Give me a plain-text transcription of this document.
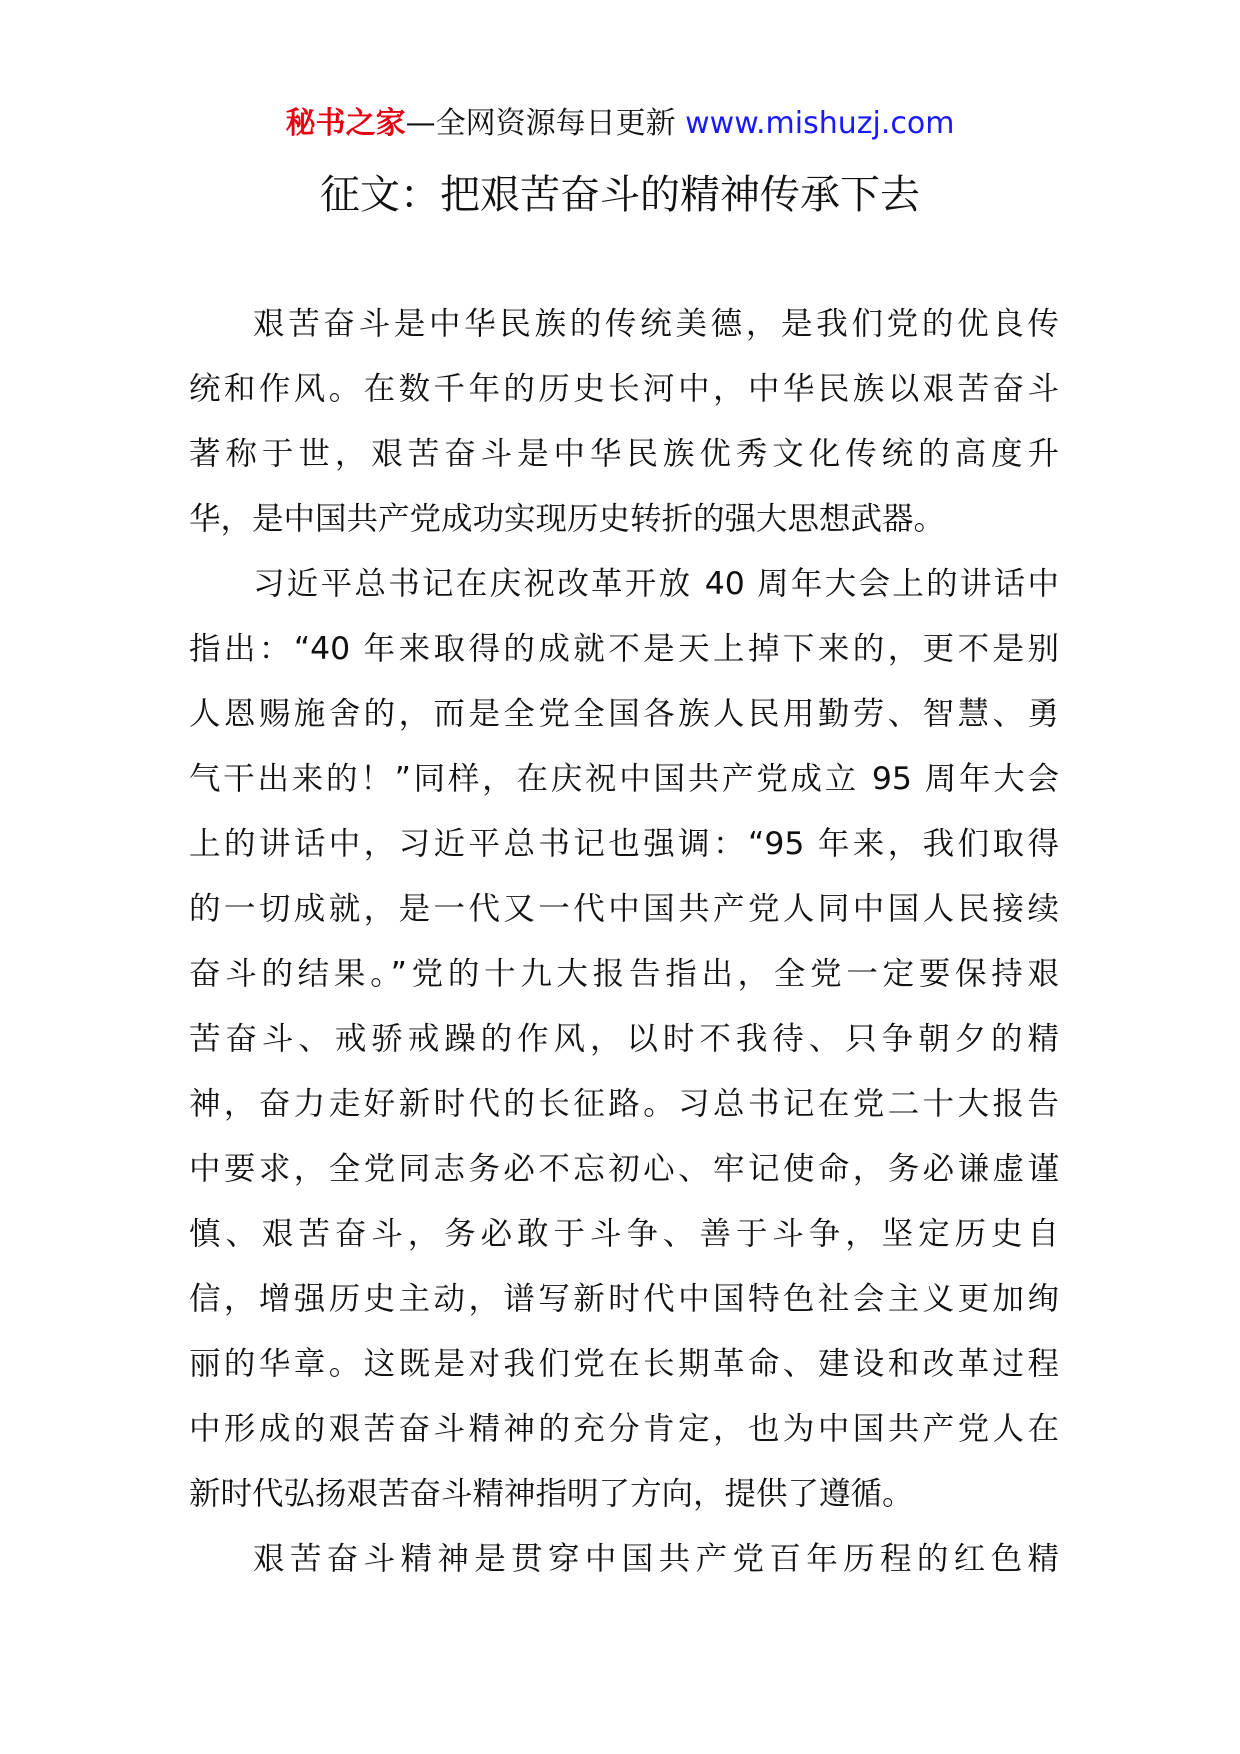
秘书之家—全网资源每日更新 www.mishuzj.com
征文：把艰苦奋斗的精神传承下去

艰苦奋斗是中华民族的传统美德，是我们党的优良传
统和作风。在数千年的历史长河中，中华民族以艰苦奋斗
著称于世，艰苦奋斗是中华民族优秀文化传统的高度升
华，是中国共产党成功实现历史转折的强大思想武器。

习近平总书记在庆祝改革开放 40 周年大会上的讲话中
指出：“40 年来取得的成就不是天上掉下来的，更不是别
人恩赐施舍的，而是全党全国各族人民用勤劳、智慧、勇
气干出来的！”同样，在庆祝中国共产党成立 95 周年大会
上的讲话中，习近平总书记也强调：“95 年来，我们取得
的一切成就，是一代又一代中国共产党人同中国人民接续
奋斗的结果。”党的十九大报告指出，全党一定要保持艰
苦奋斗、戒骄戒躁的作风，以时不我待、只争朝夕的精
神，奋力走好新时代的长征路。习总书记在党二十大报告
中要求，全党同志务必不忘初心、牢记使命，务必谦虚谨
慎、艰苦奋斗，务必敢于斗争、善于斗争，坚定历史自
信，增强历史主动，谱写新时代中国特色社会主义更加绚
丽的华章。这既是对我们党在长期革命、建设和改革过程
中形成的艰苦奋斗精神的充分肯定，也为中国共产党人在
新时代弘扬艰苦奋斗精神指明了方向，提供了遵循。

艰苦奋斗精神是贯穿中国共产党百年历程的红色精
